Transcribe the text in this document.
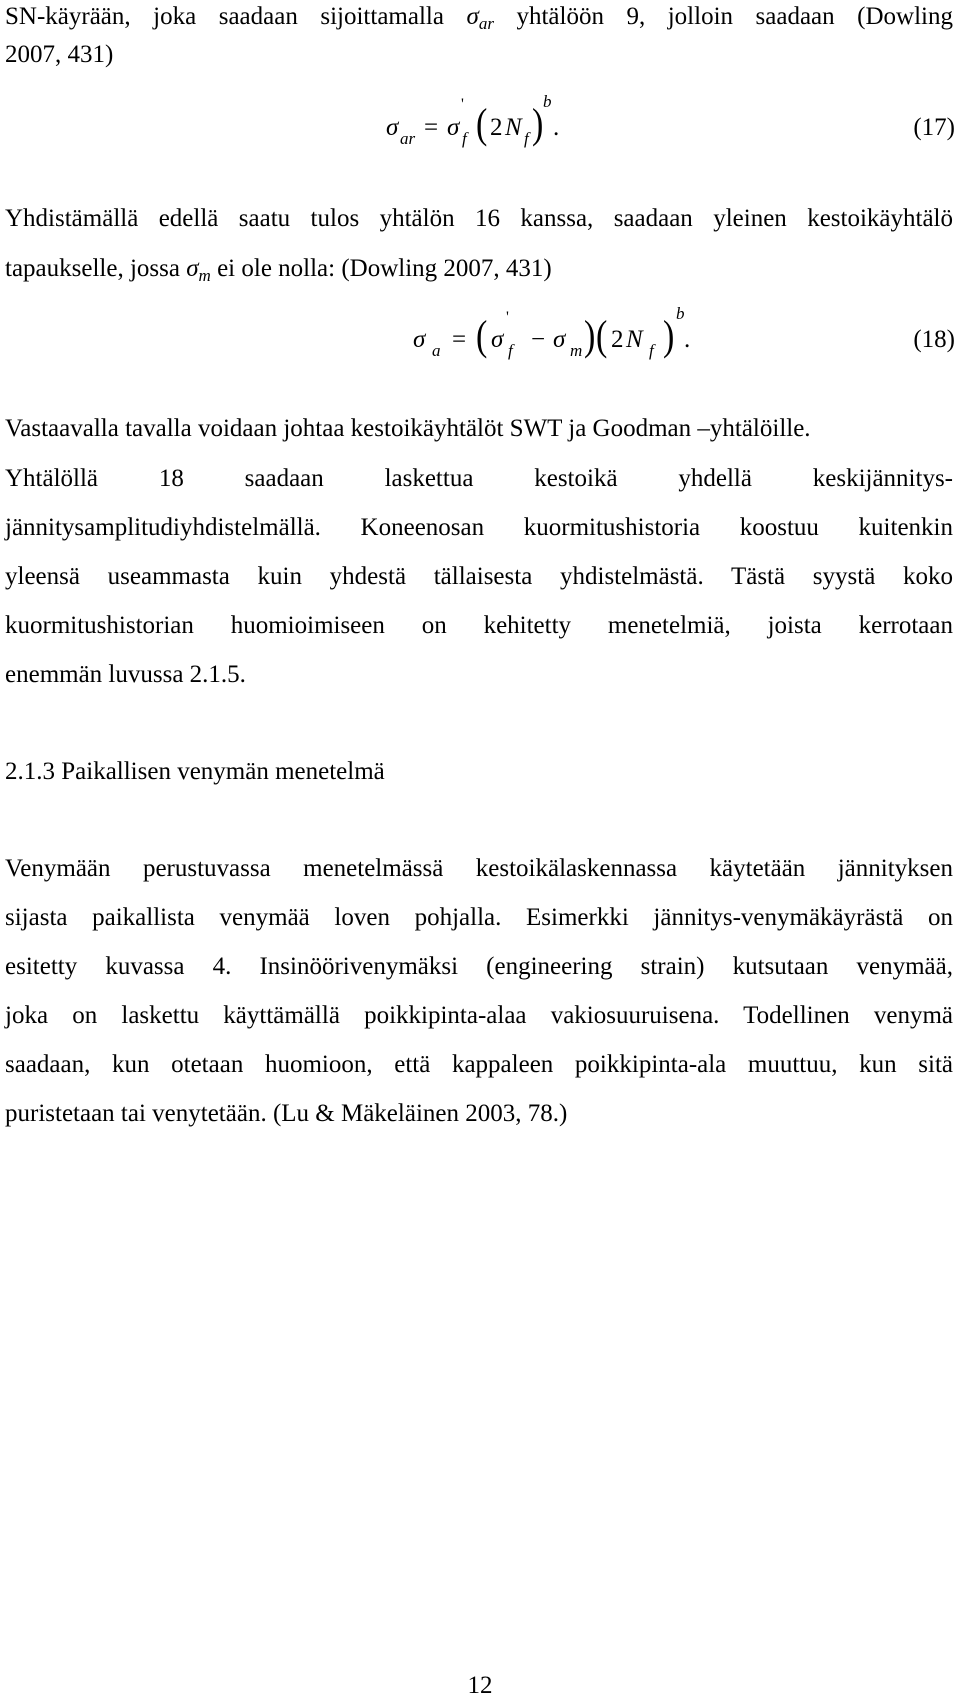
SN-käyrään, joka saadaan sijoittamalla $\sigma_{ar}$ yhtälöön 9, jolloin saadaan (Dowling
2007, 431)
σ ar = σ
'
f ( 2 N f ) b
.	(17)
Yhdistämällä edellä saatu tulos yhtälön 16 kanssa, saadaan yleinen kestoikäyhtälö
tapaukselle, jossa $\sigma_m$ ei ole nolla: (Dowling 2007, 431)
σ a = ( σ
'
f − σ m ) ( 2 N f ) b
.	(18)
Vastaavalla tavalla voidaan johtaa kestoikäyhtälöt SWT ja Goodman –yhtälöille.
Yhtälöllä 18 saadaan laskettua kestoikä yhdellä keskijännitys-
jännitysamplitudiyhdistelmällä. Koneenosan kuormitushistoria koostuu kuitenkin
yleensä useammasta kuin yhdestä tällaisesta yhdistelmästä. Tästä syystä koko
kuormitushistorian huomioimiseen on kehitetty menetelmiä, joista kerrotaan
enemmän luvussa 2.1.5.
2.1.3 Paikallisen venymän menetelmä
Venymään perustuvassa menetelmässä kestoikälaskennassa käytetään jännityksen
sijasta paikallista venymää loven pohjalla. Esimerkki jännitys-venymäkäyrästä on
esitetty kuvassa 4. Insinöörivenymäksi (engineering strain) kutsutaan venymää,
joka on laskettu käyttämällä poikkipinta-alaa vakiosuuruisena. Todellinen venymä
saadaan, kun otetaan huomioon, että kappaleen poikkipinta-ala muuttuu, kun sitä
puristetaan tai venytetään. (Lu & Mäkeläinen 2003, 78.)
12
